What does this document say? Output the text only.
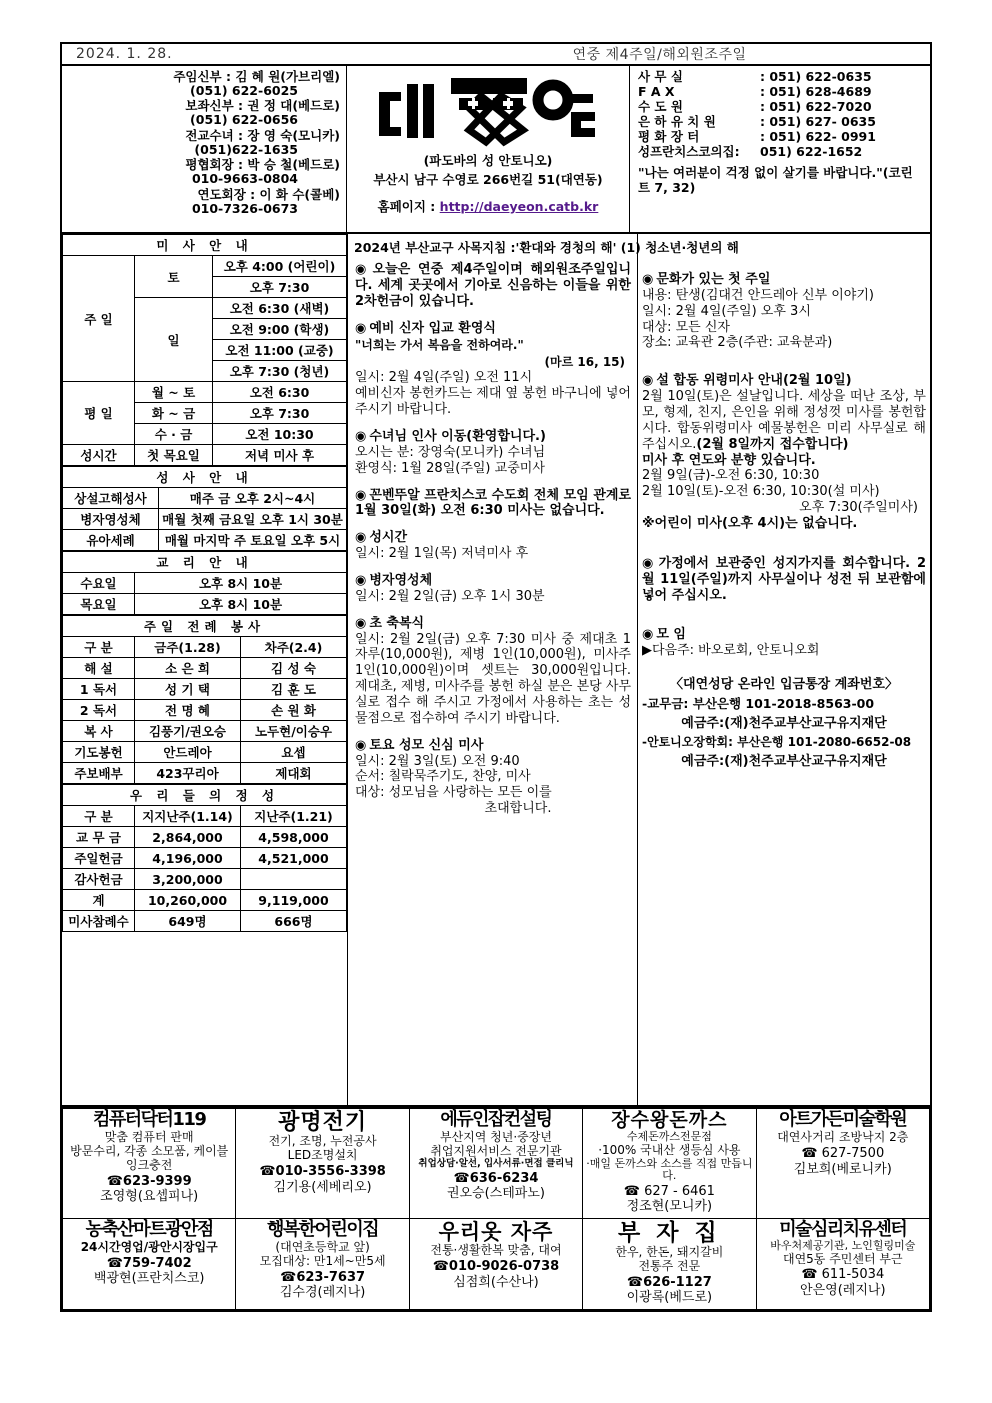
2024. 1. 28.	연중 제4주일/해외원조주일
주임신부 : 김 혜 원(가브리엘)
(051) 622-6025
보좌신부 : 권 정 대(베드로)
(051) 622-0656
전교수녀 : 장 영 숙(모니카)
(051)622-1635
평협회장 : 박 승 철(베드로)
010-9663-0804
연도회장 : 이 화 수(콜베)
010-7326-0673
(파도바의 성 안토니오)
부산시 남구 수영로 266번길 51(대연동)
홈페이지 : http://daeyeon.catb.kr
사 무 실	: 051) 622-0635
F A X	: 051) 628-4689
수 도 원	: 051) 622-7020
은 하 유 치 원	: 051) 627- 0635
평 화 장 터	: 051) 622- 0991
성프란치스코의집:	051) 622-1652
"나는 여러분이 걱정 없이 살기를 바랍니다."(코린트 7, 32)
미 사 안 내		
주 일	토	오후 4:00 (어린이)
		오후 7:30
	일	오전 6:30 (새벽)
		오전 9:00 (학생)
		오전 11:00 (교중)
		오후 7:30 (청년)
평 일	월 ~ 토	오전 6:30
	화 ~ 금	오후 7:30
	수 · 금	오전 10:30
성시간	첫 목요일	저녁 미사 후
성 사 안 내	
상설고해성사	매주 금 오후 2시~4시
병자영성체	매월 첫째 금요일 오후 1시 30분
유아세례	매월 마지막 주 토요일 오후 5시
교 리 안 내	
수요일	오후 8시 10분
목요일	오후 8시 10분
주일 전례 봉사		
구 분	금주(1.28)	차주(2.4)
해 설	소 은 희	김 성 숙
1 독서	성 기 택	김 훈 도
2 독서	전 명 혜	손 원 화
복 사	김풍기/권오승	노두현/이승우
기도봉헌	안드레아	요셉
주보배부	423꾸리아	제대회
우 리 들 의 정 성		
구 분	지지난주(1.14)	지난주(1.21)
교 무 금	2,864,000	4,598,000
주일헌금	4,196,000	4,521,000
감사헌금	3,200,000	
계	10,260,000	9,119,000
미사참례수	649명	666명
2024년 부산교구 사목지침 :'환대와 경청의 해' (1) 청소년·청년의 해
◉ 오늘은 연중 제4주일이며 해외원조주일입니다. 세계 곳곳에서 기아로 신음하는 이들을 위한 2차헌금이 있습니다.
◉ 예비 신자 입교 환영식
"너희는 가서 복음을 전하여라."
(마르 16, 15)
일시: 2월 4일(주일) 오전 11시
예비신자 봉헌카드는 제대 옆 봉헌 바구니에 넣어주시기 바랍니다.
◉ 수녀님 인사 이동(환영합니다.)
오시는 분: 장영숙(모니카) 수녀님
환영식: 1월 28일(주일) 교중미사
◉ 꼰벤뚜알 프란치스코 수도회 전체 모임 관계로 1월 30일(화) 오전 6:30 미사는 없습니다.
◉ 성시간
일시: 2월 1일(목) 저녁미사 후
◉ 병자영성체
일시: 2월 2일(금) 오후 1시 30분
◉ 초 축복식
일시: 2월 2일(금) 오후 7:30 미사 중 제대초 1자루(10,000원), 제병 1인(10,000원), 미사주 1인(10,000원)이며 셋트는 30,000원입니다. 제대초, 제병, 미사주를 봉헌 하실 분은 본당 사무실로 접수 해 주시고 가정에서 사용하는 초는 성물점으로 접수하여 주시기 바랍니다.
◉ 토요 성모 신심 미사
일시: 2월 3일(토) 오전 9:40
순서: 칠락묵주기도, 찬양, 미사
대상: 성모님을 사랑하는 모든 이를
초대합니다.
◉ 문화가 있는 첫 주일
내용: 탄생(김대건 안드레아 신부 이야기)
일시: 2월 4일(주일) 오후 3시
대상: 모든 신자
장소: 교육관 2층(주관: 교육분과)
◉ 설 합동 위령미사 안내(2월 10일)
2월 10일(토)은 설날입니다. 세상을 떠난 조상, 부모, 형제, 친지, 은인을 위해 정성껏 미사를 봉헌합시다. 합동위령미사 예물봉헌은 미리 사무실로 해 주십시오.(2월 8일까지 접수합니다)
미사 후 연도와 분향 있습니다.
2월 9일(금)-오전 6:30, 10:30
2월 10일(토)-오전 6:30, 10:30(설 미사)
오후 7:30(주일미사)
※어린이 미사(오후 4시)는 없습니다.
◉ 가정에서 보관중인 성지가지를 회수합니다. 2월 11일(주일)까지 사무실이나 성전 뒤 보관함에 넣어 주십시오.
◉ 모 임
▶다음주: 바오로회, 안토니오회
〈대연성당 온라인 입금통장 계좌번호〉
-교무금: 부산은행 101-2018-8563-00
예금주:(재)천주교부산교구유지재단
-안토니오장학회: 부산은행 101-2080-6652-08
예금주:(재)천주교부산교구유지재단
컴퓨터닥터119
맞춤 컴퓨터 판매
방문수리, 각종 소모품, 케이블
잉크충전
☎623-9399
조영형(요셉피나)

광명전기
전기, 조명, 누전공사
LED조명설치
☎010-3556-3398
김기용(세베리오)

에듀인잡컨설팅
부산지역 청년·중장년
취업지원서비스 전문기관
취업상담·알선, 입사서류·면접 클리닉
☎636-6234
권오승(스테파노)

장수왕돈까스
수제돈까스전문점
·100% 국내산 생등심 사용
·매일 돈까스와 소스를 직접 만듭니다.
☎ 627 - 6461
정조현(모니카)

아트가든미술학원
대연사거리 조방낙지 2층
☎ 627-7500
김보희(베로니카)

농축산마트광안점
24시간영업/광안시장입구
☎759-7402
백광현(프란치스코)

행복한어린이집
(대연초등학교 앞)
모집대상: 만1세~만5세
☎623-7637
김수경(레지나)

우리옷 자주
전통·생활한복 맞춤, 대여
☎010-9026-0738
심점희(수산나)

부 자 집
한우, 한돈, 돼지갈비
전통주 전문
☎626-1127
이광록(베드로)

미술심리치유센터
바우처제공기관, 노인힐링미술
대연5동 주민센터 부근
☎ 611-5034
안은영(레지나)
